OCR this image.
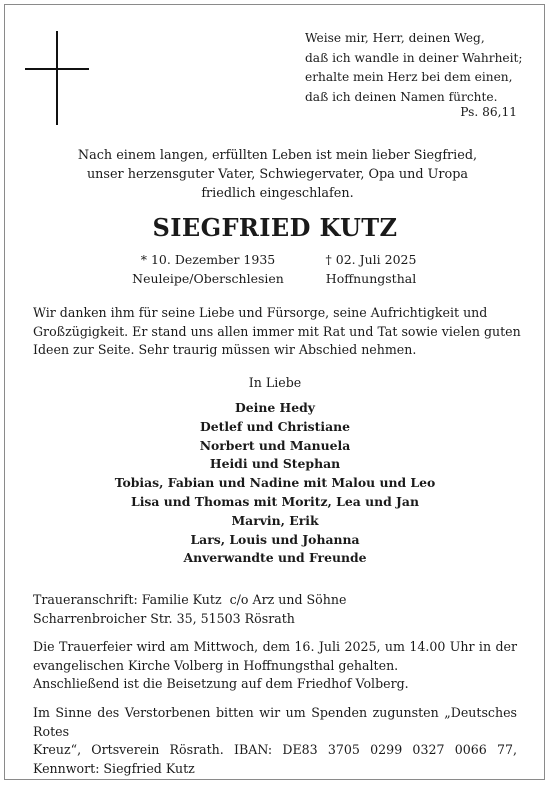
Weise mir, Herr, deinen Weg,
daß ich wandle in deiner Wahrheit;
erhalte mein Herz bei dem einen,
daß ich deinen Namen fürchte.
Ps. 86,11
Nach einem langen, erfüllten Leben ist mein lieber Siegfried,
unser herzensguter Vater, Schwiegervater, Opa und Uropa
friedlich eingeschlafen.
SIEGFRIED KUTZ
* 10. Dezember 1935
Neuleipe/Oberschlesien
† 02. Juli 2025
Hoffnungsthal
Wir danken ihm für seine Liebe und Fürsorge, seine Aufrichtigkeit und
Großzügigkeit. Er stand uns allen immer mit Rat und Tat sowie vielen guten
Ideen zur Seite. Sehr traurig müssen wir Abschied nehmen.
In Liebe
Deine Hedy
Detlef und Christiane
Norbert und Manuela
Heidi und Stephan
Tobias, Fabian und Nadine mit Malou und Leo
Lisa und Thomas mit Moritz, Lea und Jan
Marvin, Erik
Lars, Louis und Johanna
Anverwandte und Freunde
Traueranschrift: Familie Kutz  c/o Arz und Söhne
Scharrenbroicher Str. 35, 51503 Rösrath
Die Trauerfeier wird am Mittwoch, dem 16. Juli 2025, um 14.00 Uhr in der
evangelischen Kirche Volberg in Hoffnungsthal gehalten.
Anschließend ist die Beisetzung auf dem Friedhof Volberg.
Im Sinne des Verstorbenen bitten wir um Spenden zugunsten „Deutsches Rotes
Kreuz“, Ortsverein Rösrath. IBAN: DE83 3705 0299 0327 0066 77,
Kennwort: Siegfried Kutz
